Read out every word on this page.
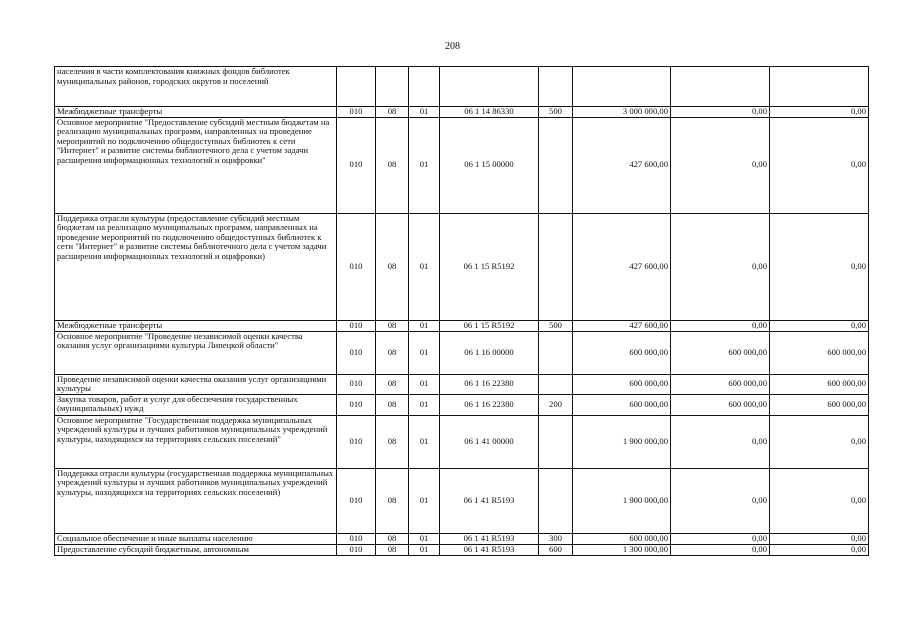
208
населения в части комплектования книжных фондов библиотек муниципальных районов, городских округов и поселений								
Межбюджетные трансферты	010	08	01	06 1 14 86330	500	3 000 000,00	0,00	0,00
Основное мероприятие "Предоставление субсидий местным бюджетам на реализацию муниципальных программ, направленных на проведение мероприятий по подключению общедоступных библиотек к сети "Интернет" и развитие системы библиотечного дела с учетом задачи расширения информационных технологий и оцифровки"	010	08	01	06 1 15 00000		427 600,00	0,00	0,00
Поддержка отрасли культуры (предоставление субсидий местным бюджетам на реализацию муниципальных программ, направленных на проведение мероприятий по подключению общедоступных библиотек к сети "Интернет" и развитие системы библиотечного дела с учетом задачи расширения информационных технологий и оцифровки)	010	08	01	06 1 15 R5192		427 600,00	0,00	0,00
Межбюджетные трансферты	010	08	01	06 1 15 R5192	500	427 600,00	0,00	0,00
Основное мероприятие "Проведение независимой оценки качества оказания услуг организациями культуры Липецкой области"	010	08	01	06 1 16 00000		600 000,00	600 000,00	600 000,00
Проведение независимой оценки качества оказания услуг организациями культуры	010	08	01	06 1 16 22380		600 000,00	600 000,00	600 000,00
Закупка товаров, работ и услуг для обеспечения государственных (муниципальных) нужд	010	08	01	06 1 16 22380	200	600 000,00	600 000,00	600 000,00
Основное мероприятие "Государственная поддержка муниципальных учреждений культуры и лучших работников муниципальных учреждений культуры, находящихся на территориях сельских поселений"	010	08	01	06 1 41 00000		1 900 000,00	0,00	0,00
Поддержка отрасли культуры (государственная поддержка муниципальных учреждений культуры и лучших работников муниципальных учреждений культуры, находящихся на территориях сельских поселений)	010	08	01	06 1 41 R5193		1 900 000,00	0,00	0,00
Социальное обеспечение и иные выплаты населению	010	08	01	06 1 41 R5193	300	600 000,00	0,00	0,00
Предоставление субсидий бюджетным, автономным	010	08	01	06 1 41 R5193	600	1 300 000,00	0,00	0,00
